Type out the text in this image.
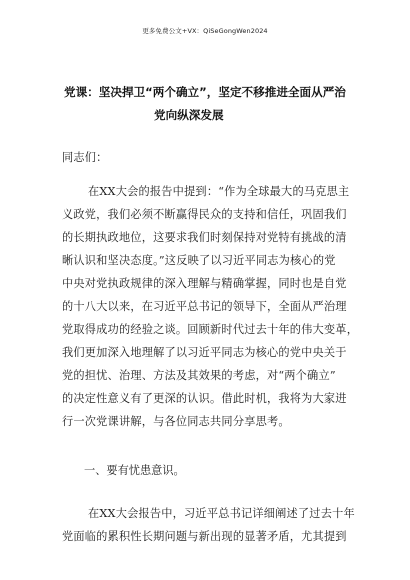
更多免费公文+VX：QiSeGongWen2024
党课：坚决捍卫“两个确立”，坚定不移推进全面从严治
党向纵深发展
同志们：
在XX大会的报告中提到：“作为全球最大的马克思主
义政党，我们必须不断赢得民众的支持和信任，巩固我们
的长期执政地位，这要求我们时刻保持对党特有挑战的清
晰认识和坚决态度。”这反映了以习近平同志为核心的党
中央对党执政规律的深入理解与精确掌握，同时也是自党
的十八大以来，在习近平总书记的领导下，全面从严治理
党取得成功的经验之谈。回顾新时代过去十年的伟大变革，
我们更加深入地理解了以习近平同志为核心的党中央关于
党的担忧、治理、方法及其效果的考虑，对“两个确立”
的决定性意义有了更深的认识。借此时机，我将为大家进
行一次党课讲解，与各位同志共同分享思考。
一、要有忧患意识。
在XX大会报告中，习近平总书记详细阐述了过去十年
党面临的累积性长期问题与新出现的显著矛盾，尤其提到
